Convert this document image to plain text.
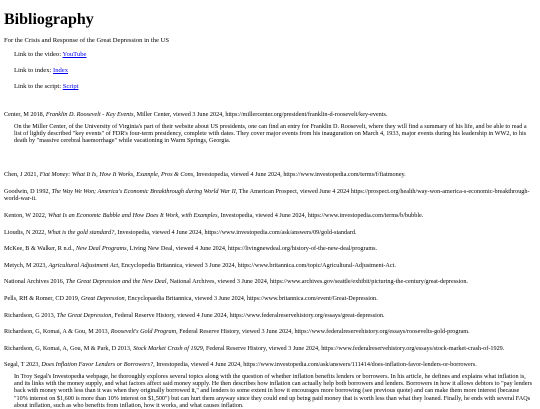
Bibliography

For the Crisis and Response of the Great Depression in the US

Link to the video: YouTube

Link to index: Index

Link to the script: Script

Center, M 2018, Franklin D. Roosevelt - Key Events, Miller Center, viewed 3 June 2024, https://millercenter.org/president/franklin-d-roosevelt/key-events.

On the Miller Center, of the University of Virginia's part of their website about US presidents, one can find an entry for Franklin D. Roosevelt, where they will find a summary of his life, and be able to read a list of lightly described "key events" of FDR's four-term presidency, complete with dates. They cover major events from his inauguration on March 4, 1933, major events during his leadership in WW2, to his death by "massive cerebral haemorrhage" while vacationing in Warm Springs, Georgia.

Chen, J 2021, Fiat Money: What It Is, How It Works, Example, Pros & Cons, Investopedia, viewed 4 June 2024, https://www.investopedia.com/terms/f/fiatmoney.

Goodwin, D 1992, The Way We Won; America's Economic Breakthrough during World War II, The American Prospect, viewed June 4 2024 https://prospect.org/health/way-won-america-s-economic-breakthrough-world-war-ii.

Kenton, W 2022, What Is an Economic Bubble and How Does It Work, with Examples, Investopedia, viewed 4 June 2024, https://www.investopedia.com/terms/b/bubble.

Lioudis, N 2022, What is the gold standard?, Investopedia, viewed 4 June 2024, https://www.investopedia.com/ask/answers/09/gold-standard.

McKee, B & Walker, R n.d., New Deal Programs, Living New Deal, viewed 4 June 2024, https://livingnewdeal.org/history-of-the-new-deal/programs.

Metych, M 2023, Agricultural Adjustment Act, Encyclopedia Britannica, viewed 3 June 2024, https://www.britannica.com/topic/Agricultural-Adjustment-Act.

National Archives 2016, The Great Depression and the New Deal, National Archives, viewed 3 June 2024, https://www.archives.gov/seattle/exhibit/picturing-the-century/great-depression.

Pells, RH & Romer, CD 2019, Great Depression, Encyclopaedia Britannica, viewed 3 June 2024, https://www.britannica.com/event/Great-Depression.

Richardson, G 2013, The Great Depression, Federal Reserve History, viewed 4 June 2024, https://www.federalreservehistory.org/essays/great-depression.

Richardson, G, Komai, A & Gou, M 2013, Roosevelt's Gold Program, Federal Reserve History, viewed 3 June 2024, https://www.federalreservehistory.org/essays/roosevelts-gold-program.

Richardson, G, Komai, A, Gou, M & Park, D 2013, Stock Market Crash of 1929, Federal Reserve History, viewed 3 June 2024, https://www.federalreservehistory.org/essays/stock-market-crash-of-1929.

Segal, T 2023, Does Inflation Favor Lenders or Borrowers?, Investopedia, viewed 4 June 2024, https://www.investopedia.com/ask/answers/111414/does-inflation-favor-lenders-or-borrowers.

In Troy Segal's Investopedia webpage, he thoroughly explores several topics along with the question of whether inflation benefits lenders or borrowers. In his article, he defines and explains what inflation is, and its links with the money supply, and what factors affect said money supply. He then describes how inflation can actually help both borrowers and lenders. Borrowers in how it allows debtors to "pay lenders back with money worth less than it was when they originally borrowed it," and lenders to some extent in how it encourages more borrowing (see previous quote) and can make them more interest (because "10% interest on $1,600 is more than 10% interest on $1,500") but can hurt them anyway since they could end up being paid money that is worth less than what they loaned. Finally, he ends with several FAQs about inflation, such as who benefits from inflation, how it works, and what causes inflation.
